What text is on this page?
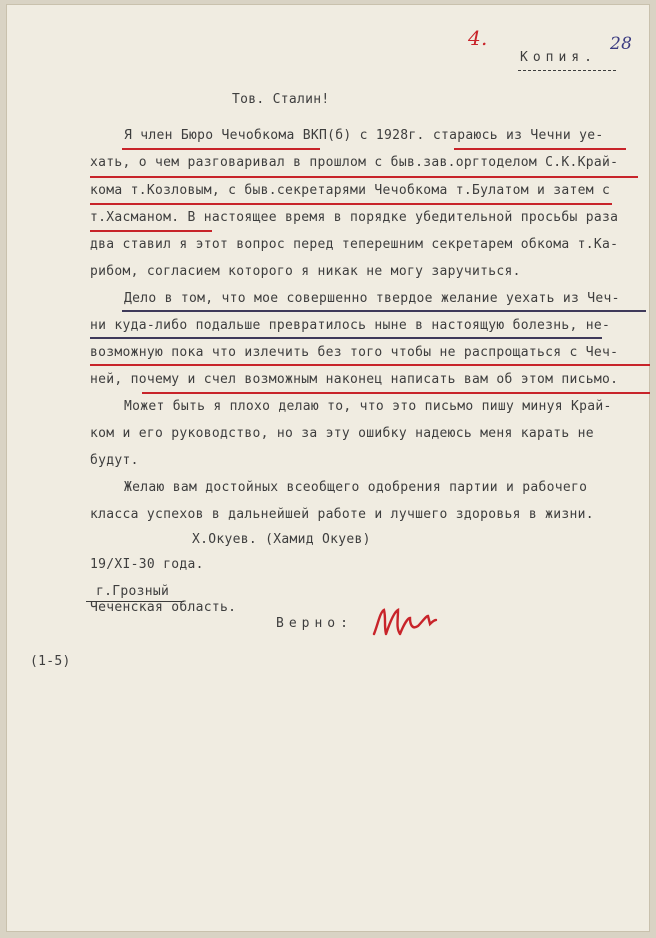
4.	28
Копия.
Тов. Сталин!
Я член Бюро Чечобкома ВКП(б) с 1928г. стараюсь из Чечни уе-
хать, о чем разговаривал в прошлом с быв.зав.оргтоделом С.К.Край-
кома т.Козловым, с быв.секретарями Чечобкома т.Булатом и затем с
т.Хасманом. В настоящее время в порядке убедительной просьбы раза
два ставил я этот вопрос перед теперешним секретарем обкома т.Ка-
рибом, согласием которого я никак не могу заручиться.
Дело в том, что мое совершенно твердое желание уехать из Чеч-
ни куда-либо подальше превратилось ныне в настоящую болезнь, не-
возможную пока что излечить без того чтобы не распрощаться с Чеч-
ней, почему и счел возможным наконец написать вам об этом письмо.
Может быть я плохо делаю то, что это письмо пишу минуя Край-
ком и его руководство, но за эту ошибку надеюсь меня карать не
будут.
Желаю вам достойных всеобщего одобрения партии и рабочего
класса успехов в дальнейшей работе и лучшего здоровья в жизни.
Х.Окуев. (Хамид Окуев)
19/XI-30 года.
г.Грозный
Чеченская область.
Верно:
(1-5)
